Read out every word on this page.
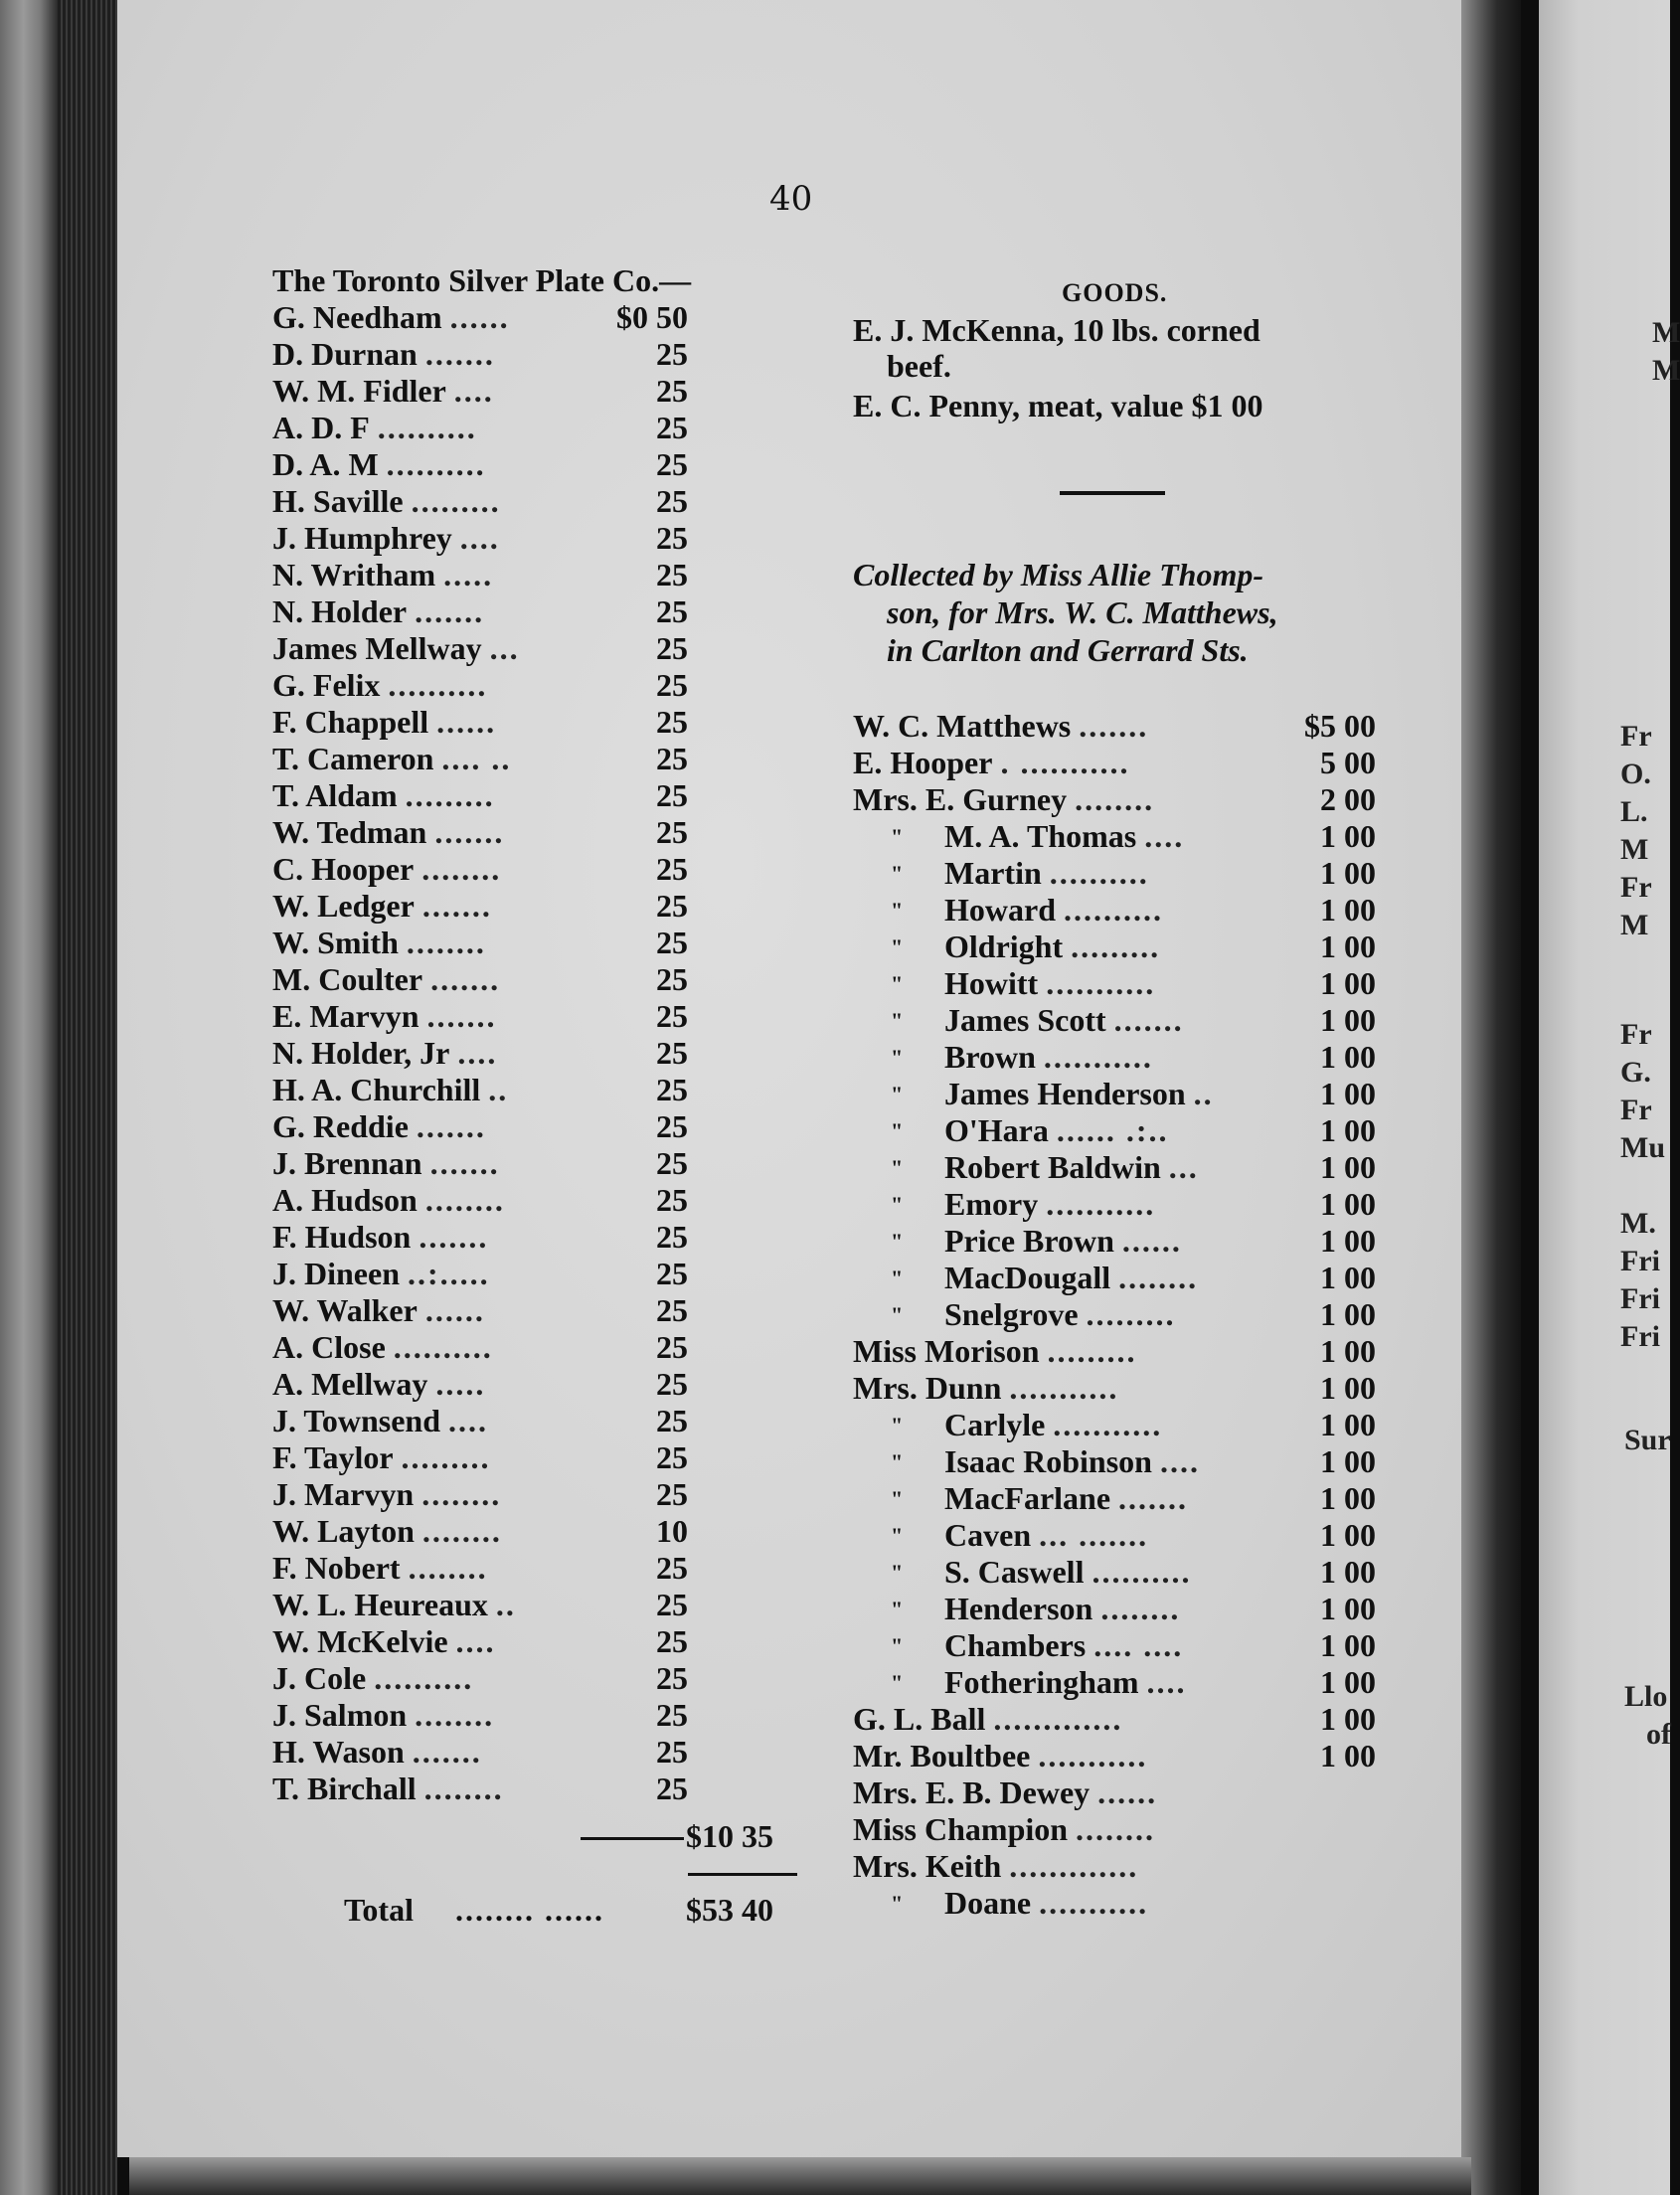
40
The Toronto Silver Plate Co.—
G. Needham ......	$0 50
D. Durnan .......	25
W. M. Fidler ....	25
A. D. F ..........	25
D. A. M ..........	25
H. Saville .........	25
J. Humphrey ....	25
N. Writham .....	25
N. Holder .......	25
James Mellway ...	25
G. Felix ..........	25
F. Chappell ......	25
T. Cameron .... ..	25
T. Aldam .........	25
W. Tedman .......	25
C. Hooper ........	25
W. Ledger .......	25
W. Smith ........	25
M. Coulter .......	25
E. Marvyn .......	25
N. Holder, Jr ....	25
H. A. Churchill ..	25
G. Reddie .......	25
J. Brennan .......	25
A. Hudson ........	25
F. Hudson .......	25
J. Dineen ..:.....	25
W. Walker ......	25
A. Close ..........	25
A. Mellway .....	25
J. Townsend ....	25
F. Taylor .........	25
J. Marvyn ........	25
W. Layton ........	10
F. Nobert ........	25
W. L. Heureaux ..	25
W. McKelvie ....	25
J. Cole ..........	25
J. Salmon ........	25
H. Wason .......	25
T. Birchall ........	25
$10 35
Total ........ ......	$53 40
GOODS.
E. J. McKenna, 10 lbs. corned
beef.
E. C. Penny, meat, value $1 00
Collected by Miss Allie Thomp-
son, for Mrs. W. C. Matthews,
in Carlton and Gerrard Sts.
W. C. Matthews .......	$5 00
E. Hooper . ...........	5 00
Mrs. E. Gurney ........	2 00
" M. A. Thomas ....	1 00
" Martin ..........	1 00
" Howard ..........	1 00
" Oldright .........	1 00
" Howitt ...........	1 00
" James Scott .......	1 00
" Brown ...........	1 00
" James Henderson ..	1 00
" O'Hara ...... .:..	1 00
" Robert Baldwin ...	1 00
" Emory ...........	1 00
" Price Brown ......	1 00
" MacDougall ........	1 00
" Snelgrove .........	1 00
Miss Morison .........	1 00
Mrs. Dunn ...........	1 00
" Carlyle ...........	1 00
" Isaac Robinson ....	1 00
" MacFarlane .......	1 00
" Caven ... .......	1 00
" S. Caswell ..........	1 00
" Henderson ........	1 00
" Chambers .... ....	1 00
" Fotheringham ....	1 00
G. L. Ball .............	1 00
Mr. Boultbee ...........	1 00
Mrs. E. B. Dewey ......
Miss Champion ........
Mrs. Keith .............
" Doane ...........
M
M
Fr
O.
L.
M
Fr
M
Fr
G.
Fr
Mu
M.
Fri
Fri
Fri
Sur
Llo
of
